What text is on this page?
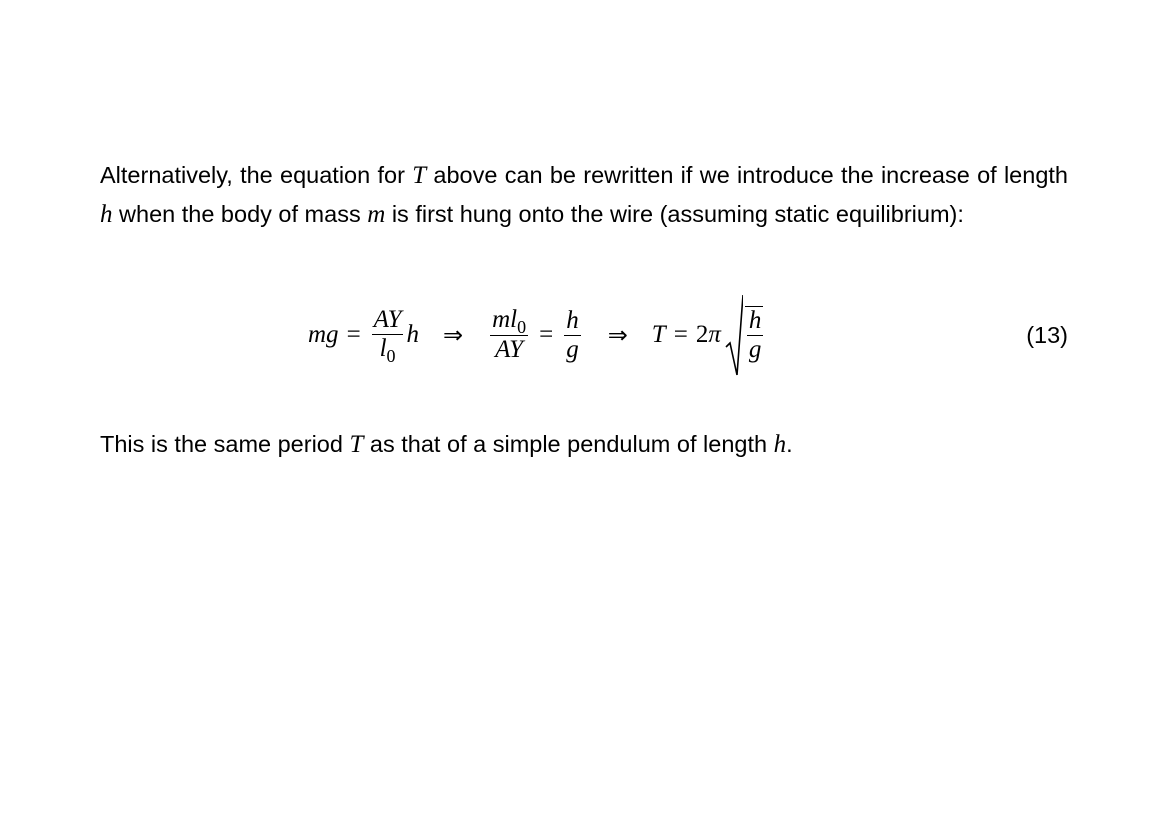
Alternatively, the equation for T above can be rewritten if we introduce the increase of length h when the body of mass m is first hung onto the wire (assuming static equilibrium):

mg = $\frac{AY}{l_0}$ h ⇒ $\frac{ml_0}{AY} = \frac{h}{g}$ ⇒ T = 2 π $\frac{h}{g}$	(13)

This is the same period T as that of a simple pendulum of length h.
